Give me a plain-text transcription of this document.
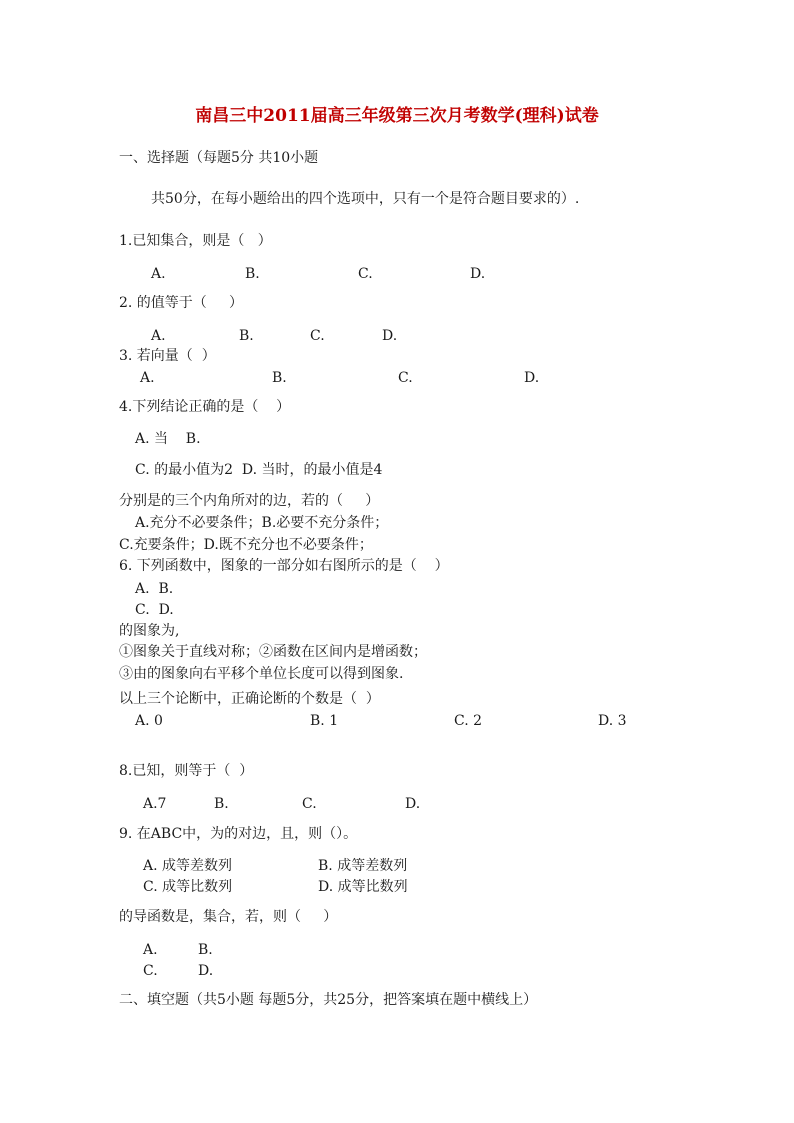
南昌三中2011届高三年级第三次月考数学(理科)试卷
一、选择题（每题5分 共10小题
共50分，在每小题给出的四个选项中，只有一个是符合题目要求的）.
1.已知集合，则是（   ）
A.	B.	C.	D.
2. 的值等于（     ）
A.	B.	C.	D.
3. 若向量（  ）
A.	B.	C.	D.
4.下列结论正确的是（    ）
A. 当    B.
C. 的最小值为2  D. 当时，的最小值是4
分别是的三个内角所对的边，若的（     ）
A.充分不必要条件；B.必要不充分条件；
C.充要条件；D.既不充分也不必要条件；
6. 下列函数中，图象的一部分如右图所示的是（    ）
A.  B.
C.  D.
的图象为,
①图象关于直线对称；②函数在区间内是增函数；
③由的图象向右平移个单位长度可以得到图象.
以上三个论断中，正确论断的个数是（  ）
A. 0	B. 1	C. 2	D. 3
8.已知，则等于（  ）
A.7	B.	C.	D.
9. 在ABC中，为的对边，且，则（）。
A. 成等差数列	B. 成等差数列
C. 成等比数列	D. 成等比数列
的导函数是，集合，若，则（     ）
A.	B.
C.	D.
二、填空题（共5小题 每题5分，共25分，把答案填在题中横线上）
